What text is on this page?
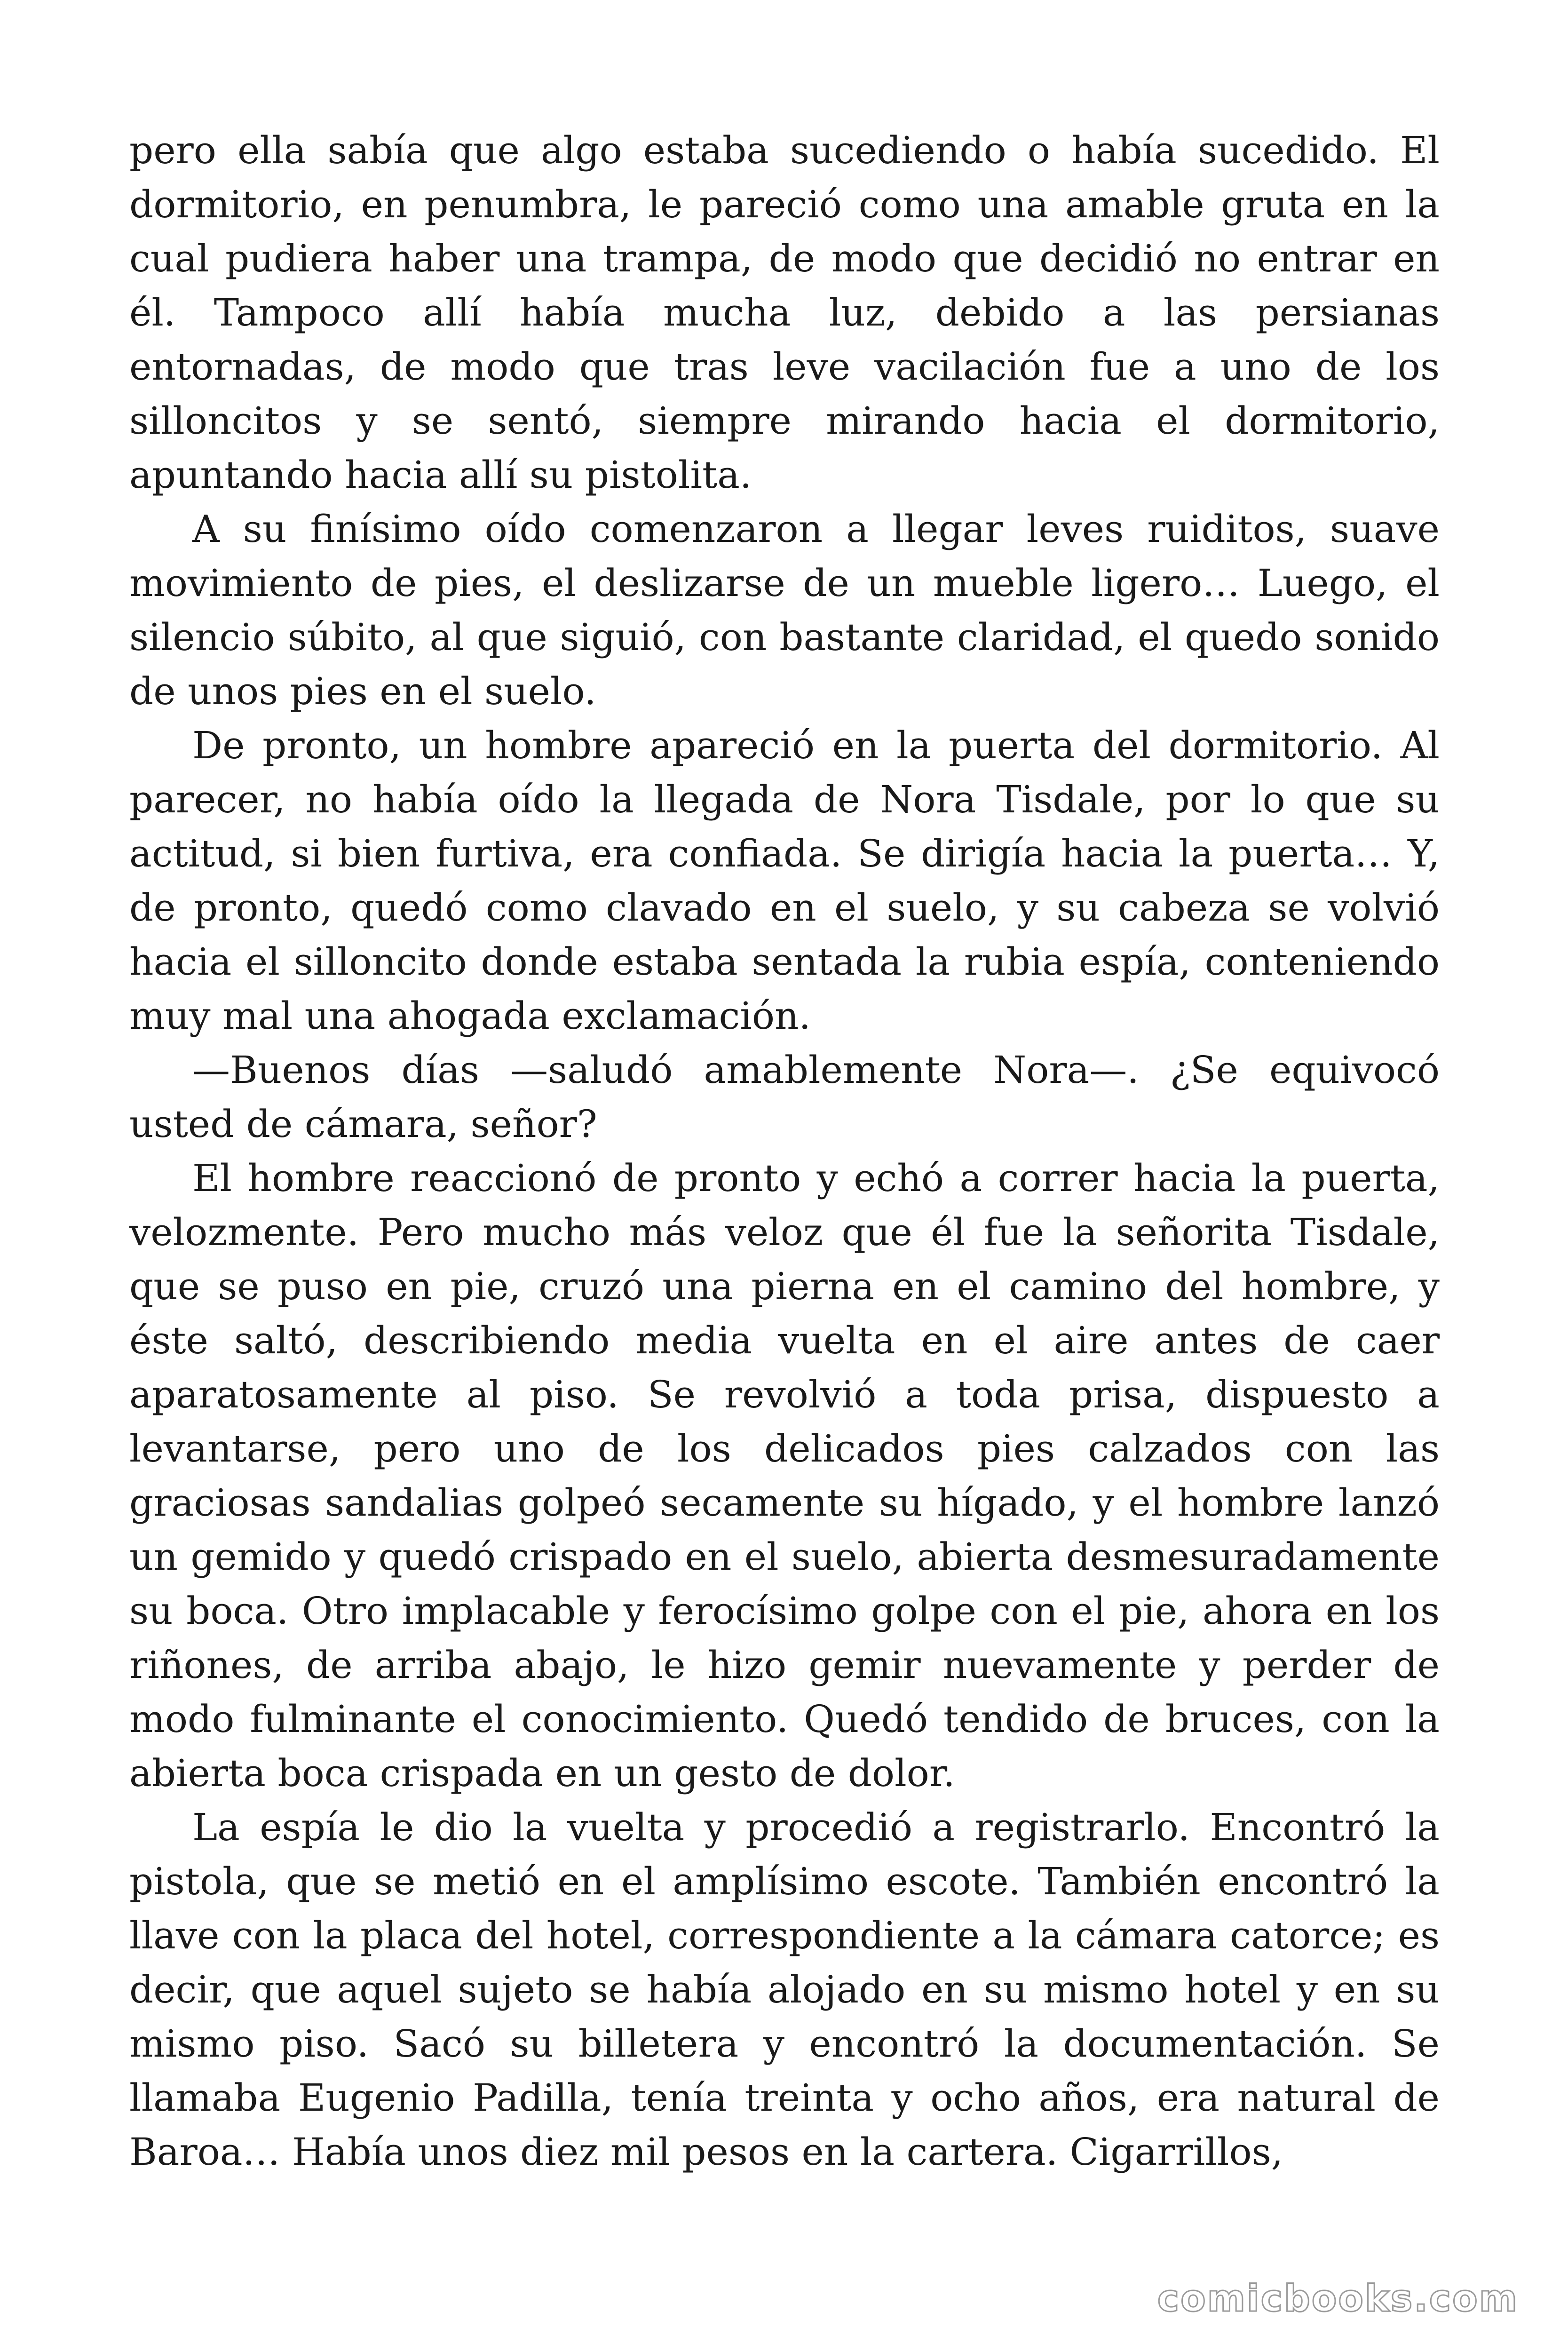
pero ella sabía que algo estaba sucediendo o había sucedido. El dormitorio, en penumbra, le pareció como una amable gruta en la cual pudiera haber una trampa, de modo que decidió no entrar en él. Tampoco allí había mucha luz, debido a las persianas entornadas, de modo que tras leve vacilación fue a uno de los silloncitos y se sentó, siempre mirando hacia el dormitorio, apuntando hacia allí su pistolita.

A su finísimo oído comenzaron a llegar leves ruiditos, suave movimiento de pies, el deslizarse de un mueble ligero… Luego, el silencio súbito, al que siguió, con bastante claridad, el quedo sonido de unos pies en el suelo.

De pronto, un hombre apareció en la puerta del dormitorio. Al parecer, no había oído la llegada de Nora Tisdale, por lo que su actitud, si bien furtiva, era confiada. Se dirigía hacia la puerta… Y, de pronto, quedó como clavado en el suelo, y su cabeza se volvió hacia el silloncito donde estaba sentada la rubia espía, conteniendo muy mal una ahogada exclamación.

—Buenos días —saludó amablemente Nora—. ¿Se equivocó usted de cámara, señor?

El hombre reaccionó de pronto y echó a correr hacia la puerta, velozmente. Pero mucho más veloz que él fue la señorita Tisdale, que se puso en pie, cruzó una pierna en el camino del hombre, y éste saltó, describiendo media vuelta en el aire antes de caer aparatosamente al piso. Se revolvió a toda prisa, dispuesto a levantarse, pero uno de los delicados pies calzados con las graciosas sandalias golpeó secamente su hígado, y el hombre lanzó un gemido y quedó crispado en el suelo, abierta desmesuradamente su boca. Otro implacable y ferocísimo golpe con el pie, ahora en los riñones, de arriba abajo, le hizo gemir nuevamente y perder de modo fulminante el conocimiento. Quedó tendido de bruces, con la abierta boca crispada en un gesto de dolor.

La espía le dio la vuelta y procedió a registrarlo. Encontró la pistola, que se metió en el amplísimo escote. También encontró la llave con la placa del hotel, correspondiente a la cámara catorce; es decir, que aquel sujeto se había alojado en su mismo hotel y en su mismo piso. Sacó su billetera y encontró la documentación. Se llamaba Eugenio Padilla, tenía treinta y ocho años, era natural de Baroa… Había unos diez mil pesos en la cartera. Cigarrillos,

comicbooks.com
